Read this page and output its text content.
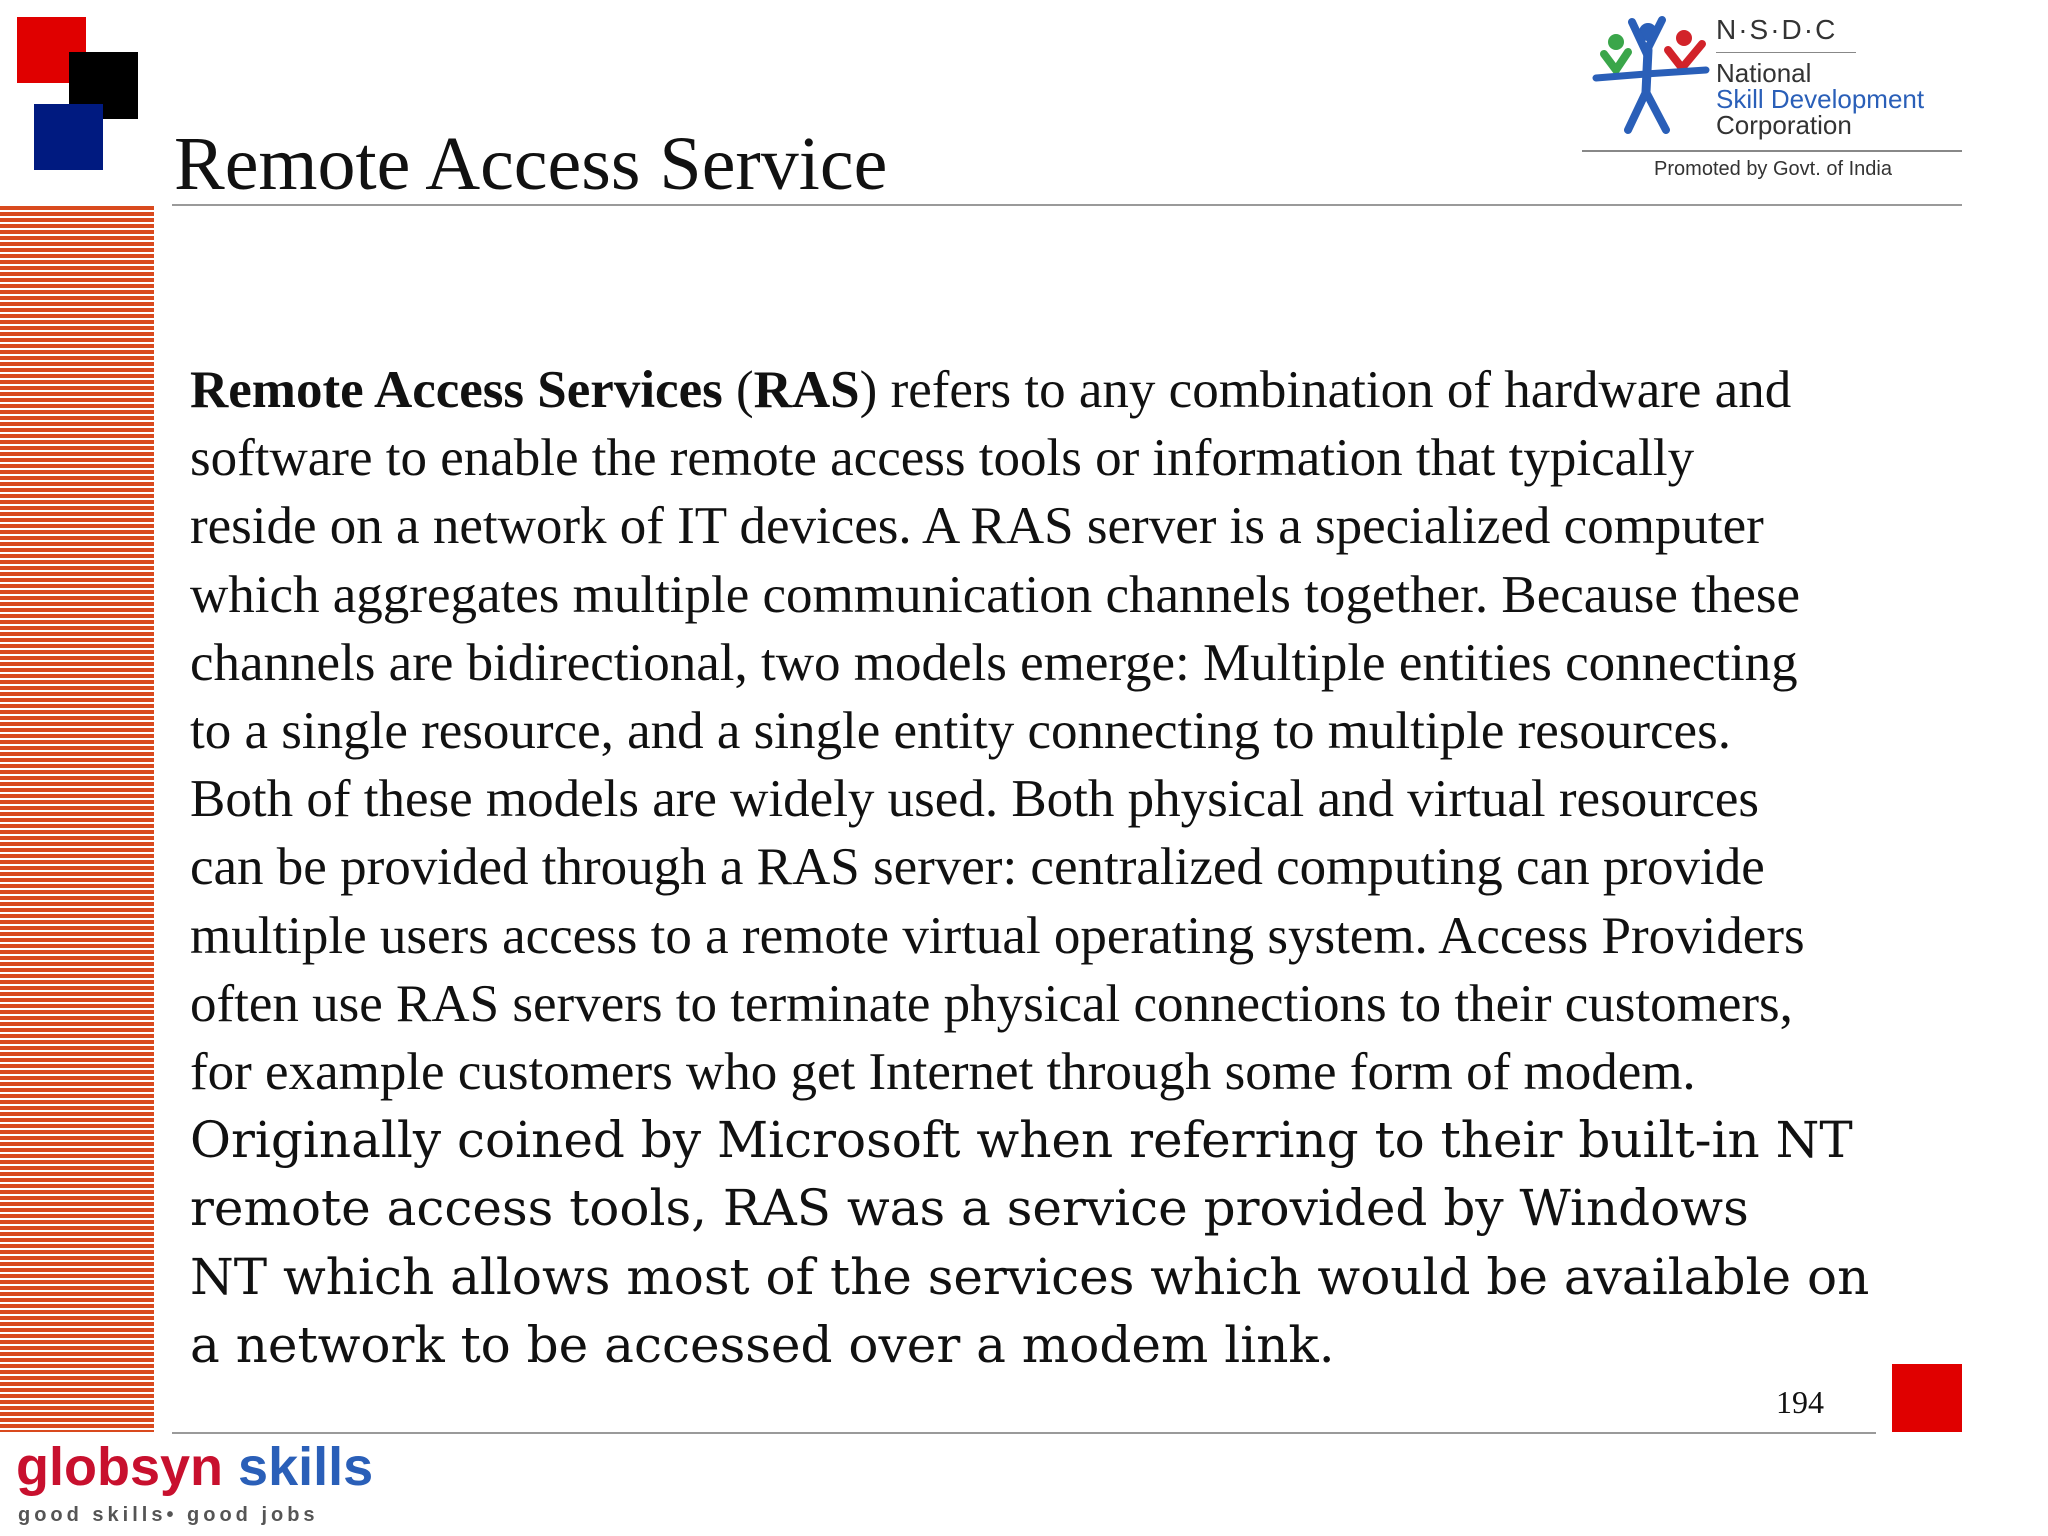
Remote Access Service
N·S·D·C
National
Skill Development
Corporation
Promoted by Govt. of India
Remote Access Services (RAS) refers to any combination of hardware and
software to enable the remote access tools or information that typically
reside on a network of IT devices. A RAS server is a specialized computer
which aggregates multiple communication channels together. Because these
channels are bidirectional, two models emerge: Multiple entities connecting
to a single resource, and a single entity connecting to multiple resources.
Both of these models are widely used. Both physical and virtual resources
can be provided through a RAS server: centralized computing can provide
multiple users access to a remote virtual operating system. Access Providers
often use RAS servers to terminate physical connections to their customers,
for example customers who get Internet through some form of modem.
Originally coined by Microsoft when referring to their built-in NT
remote access tools, RAS was a service provided by Windows
NT which allows most of the services which would be available on
a network to be accessed over a modem link.
194
globsyn skills
good skills• good jobs
